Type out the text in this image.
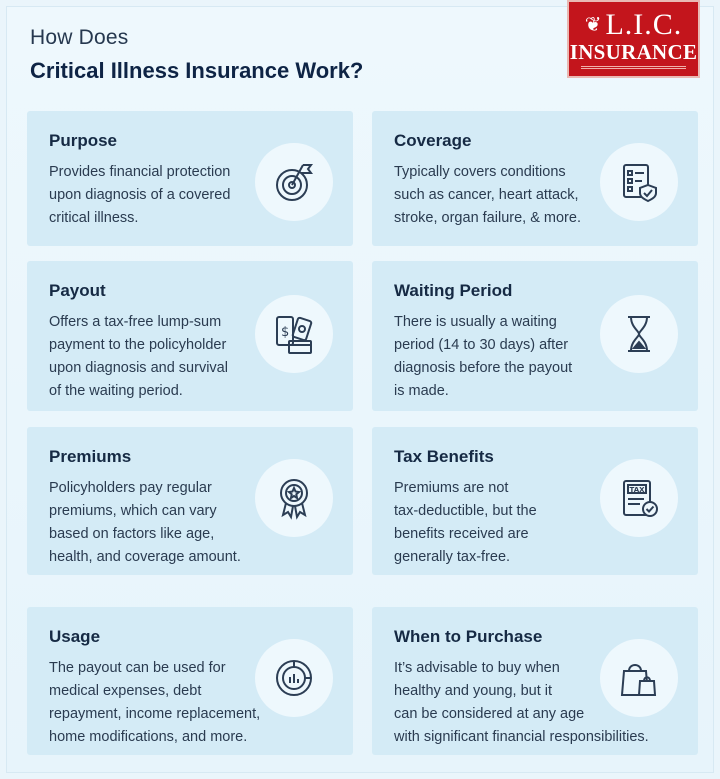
How Does
Critical Illness Insurance Work?
❦ L.I.C.
INSURANCE
Purpose
Provides financial protection
upon diagnosis of a covered
critical illness.
Coverage
Typically covers conditions
such as cancer, heart attack,
stroke, organ failure, & more.
Payout
Offers a tax-free lump-sum
payment to the policyholder
upon diagnosis and survival
of the waiting period.
$
Waiting Period
There is usually a waiting
period (14 to 30 days) after
diagnosis before the payout
is made.
Premiums
Policyholders pay regular
premiums, which can vary
based on factors like age,
health, and coverage amount.
Tax Benefits
Premiums are not
tax-deductible, but the
benefits received are
generally tax-free.
TAX
Usage
The payout can be used for
medical expenses, debt
repayment, income replacement,
home modifications, and more.
When to Purchase
It’s advisable to buy when
healthy and young, but it
can be considered at any age
with significant financial responsibilities.
